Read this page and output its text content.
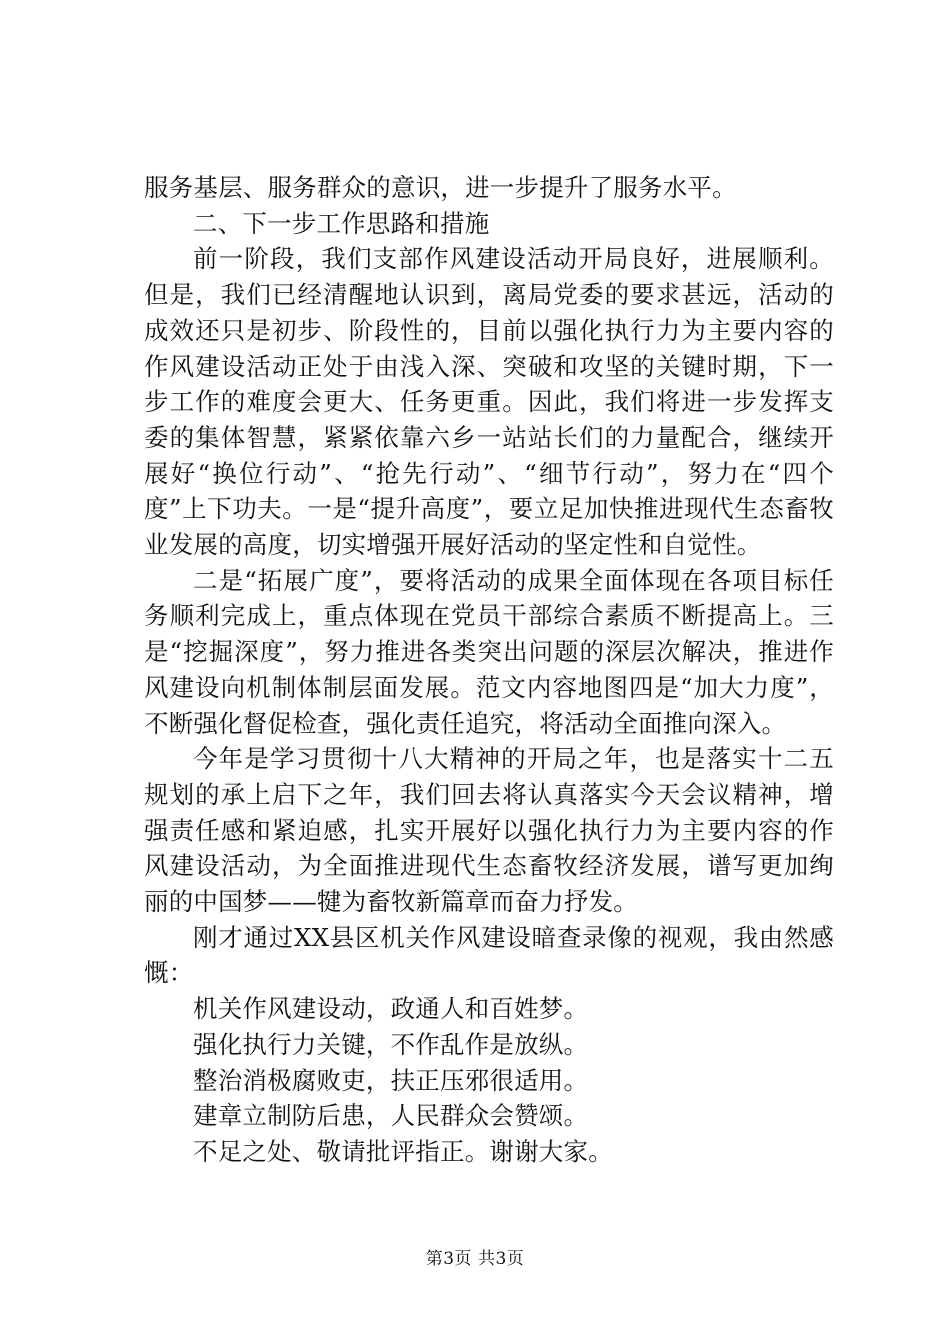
服务基层、服务群众的意识，进一步提升了服务水平。

二、下一步工作思路和措施

前一阶段，我们支部作风建设活动开局良好，进展顺利。但是，我们已经清醒地认识到，离局党委的要求甚远，活动的成效还只是初步、阶段性的，目前以强化执行力为主要内容的作风建设活动正处于由浅入深、突破和攻坚的关键时期，下一步工作的难度会更大、任务更重。因此，我们将进一步发挥支委的集体智慧，紧紧依靠六乡一站站长们的力量配合，继续开展好“换位行动”、“抢先行动”、“细节行动”，努力在“四个度”上下功夫。一是“提升高度”，要立足加快推进现代生态畜牧业发展的高度，切实增强开展好活动的坚定性和自觉性。

二是“拓展广度”，要将活动的成果全面体现在各项目标任务顺利完成上，重点体现在党员干部综合素质不断提高上。三是“挖掘深度”，努力推进各类突出问题的深层次解决，推进作风建设向机制体制层面发展。范文内容地图四是“加大力度”，不断强化督促检查，强化责任追究，将活动全面推向深入。

今年是学习贯彻十八大精神的开局之年，也是落实十二五规划的承上启下之年，我们回去将认真落实今天会议精神，增强责任感和紧迫感，扎实开展好以强化执行力为主要内容的作风建设活动，为全面推进现代生态畜牧经济发展，谱写更加绚丽的中国梦——犍为畜牧新篇章而奋力抒发。

刚才通过XX县区机关作风建设暗查录像的视观，我由然感慨：

机关作风建设动，政通人和百姓梦。

强化执行力关键，不作乱作是放纵。

整治消极腐败吏，扶正压邪很适用。

建章立制防后患，人民群众会赞颂。

不足之处、敬请批评指正。谢谢大家。

第3页 共3页
